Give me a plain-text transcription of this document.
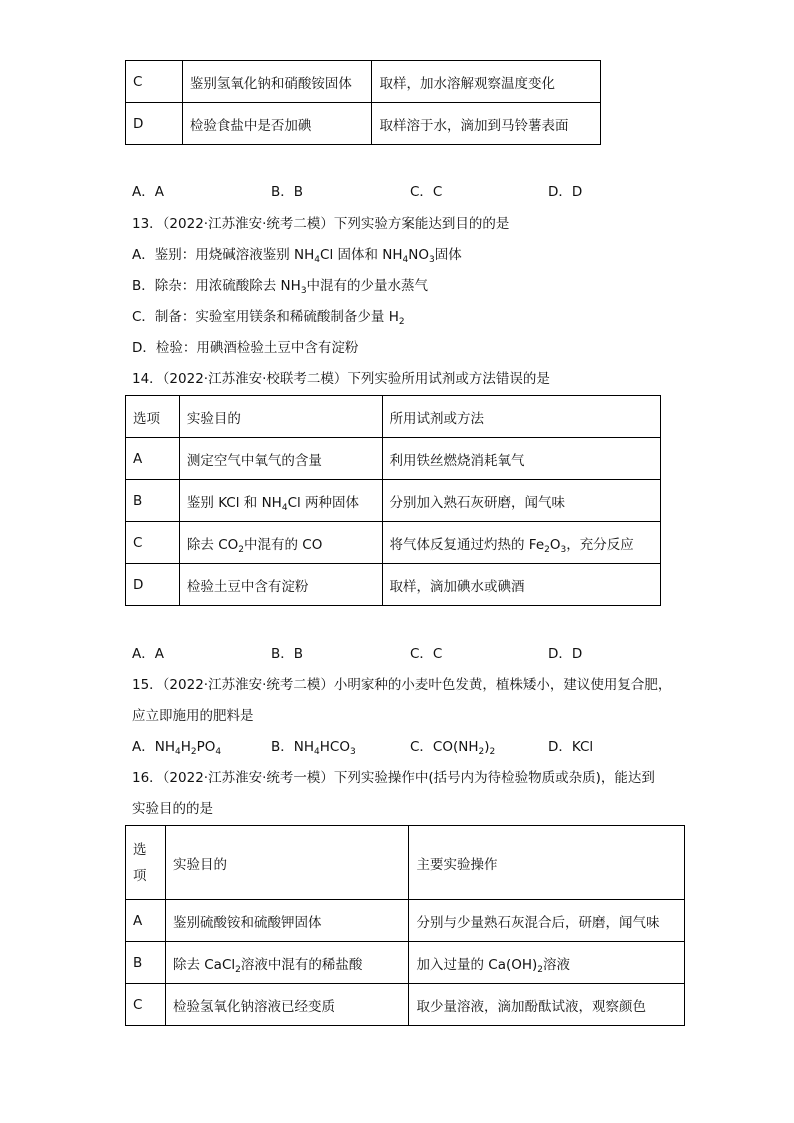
C	鉴别氢氧化钠和硝酸铵固体	取样，加水溶解观察温度变化
D	检验食盐中是否加碘	取样溶于水，滴加到马铃薯表面
A．A	B．B	C．C	D．D
13．（2022·江苏淮安·统考二模）下列实验方案能达到目的的是
A．鉴别：用烧碱溶液鉴别 $NH_4Cl$ 固体和 $NH_4NO_3$固体
B．除杂：用浓硫酸除去 $NH_3$中混有的少量水蒸气
C．制备：实验室用镁条和稀硫酸制备少量 $H_2$
D．检验：用碘酒检验土豆中含有淀粉
14．（2022·江苏淮安·校联考二模）下列实验所用试剂或方法错误的是
选项	实验目的	所用试剂或方法
A	测定空气中氧气的含量	利用铁丝燃烧消耗氧气
B	鉴别 KCl 和 $NH_4Cl$ 两种固体	分别加入熟石灰研磨，闻气味
C	除去 $CO_2$中混有的 CO	将气体反复通过灼热的 $Fe_2O_3$，充分反应
D	检验土豆中含有淀粉	取样，滴加碘水或碘酒
A．A	B．B	C．C	D．D
15．（2022·江苏淮安·统考二模）小明家种的小麦叶色发黄，植株矮小，建议使用复合肥，
应立即施用的肥料是
A．$NH_4H_2PO_4$	B．$NH_4HCO_3$	C．$CO(NH_2)_2$	D．KCl
16．（2022·江苏淮安·统考一模）下列实验操作中(括号内为待检验物质或杂质)，能达到
实验目的的是
选
项	实验目的	主要实验操作
A	鉴别硫酸铵和硫酸钾固体	分别与少量熟石灰混合后，研磨，闻气味
B	除去 CaCl$_2$溶液中混有的稀盐酸	加入过量的 $Ca(OH)_2$溶液
C	检验氢氧化钠溶液已经变质	取少量溶液，滴加酚酞试液，观察颜色
